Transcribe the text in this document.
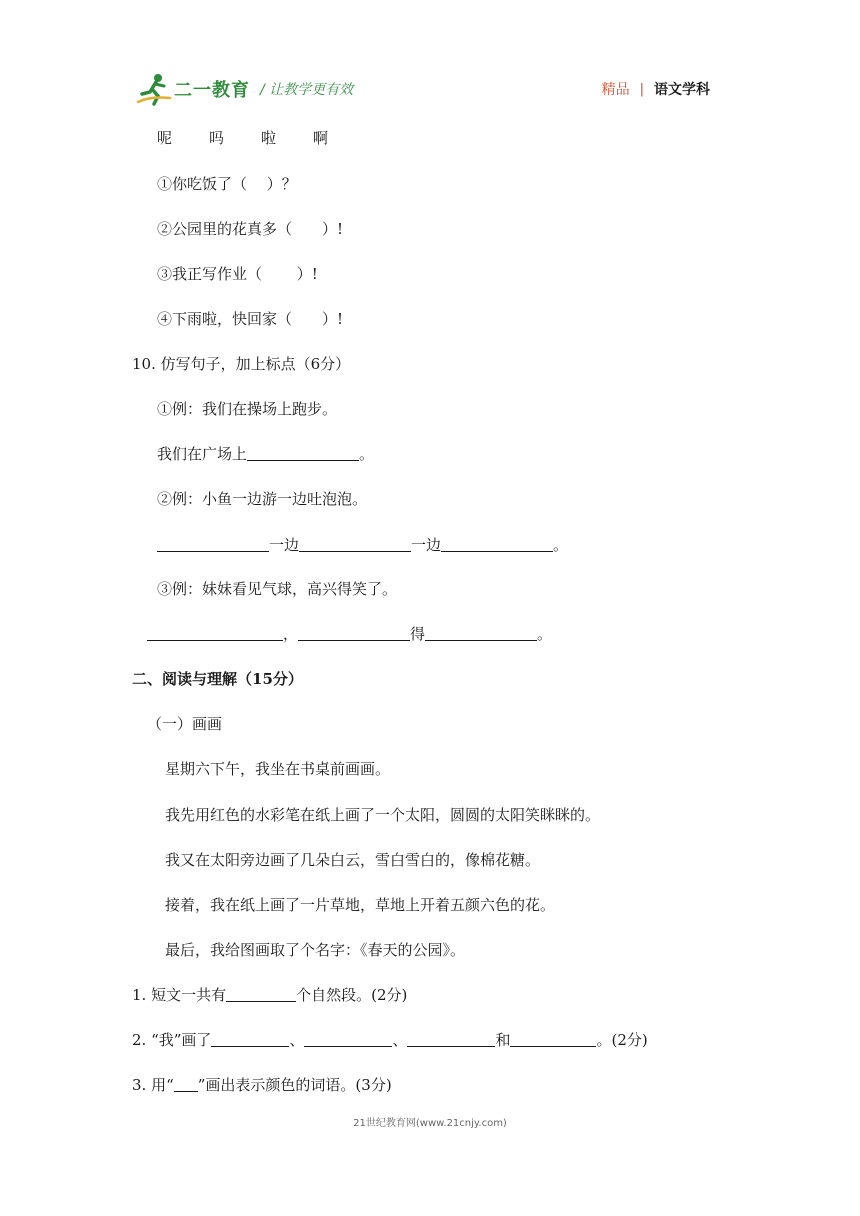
二一教育 / 让教学更有效	精品 | 语文学科
呢 吗 啦 啊
①你吃饭了（　 ）？
②公园里的花真多（　　）!
③我正写作业（　　 ）!
④下雨啦，快回家（　　）!
10. 仿写句子，加上标点（6分）
①例：我们在操场上跑步。
我们在广场上	。
②例：小鱼一边游一边吐泡泡。
一边	一边	。
③例：妹妹看见气球，高兴得笑了。
，	得	。
二、阅读与理解（15分）
（一）画画
星期六下午，我坐在书桌前画画。
我先用红色的水彩笔在纸上画了一个太阳，圆圆的太阳笑眯眯的。
我又在太阳旁边画了几朵白云，雪白雪白的，像棉花糖。
接着，我在纸上画了一片草地，草地上开着五颜六色的花。
最后，我给图画取了个名字：《春天的公园》。
1. 短文一共有	个自然段。(2分)
2. “我”画了	、	、	和	。(2分)
3. 用“ ”画出表示颜色的词语。(3分)
21世纪教育网(www.21cnjy.com)
